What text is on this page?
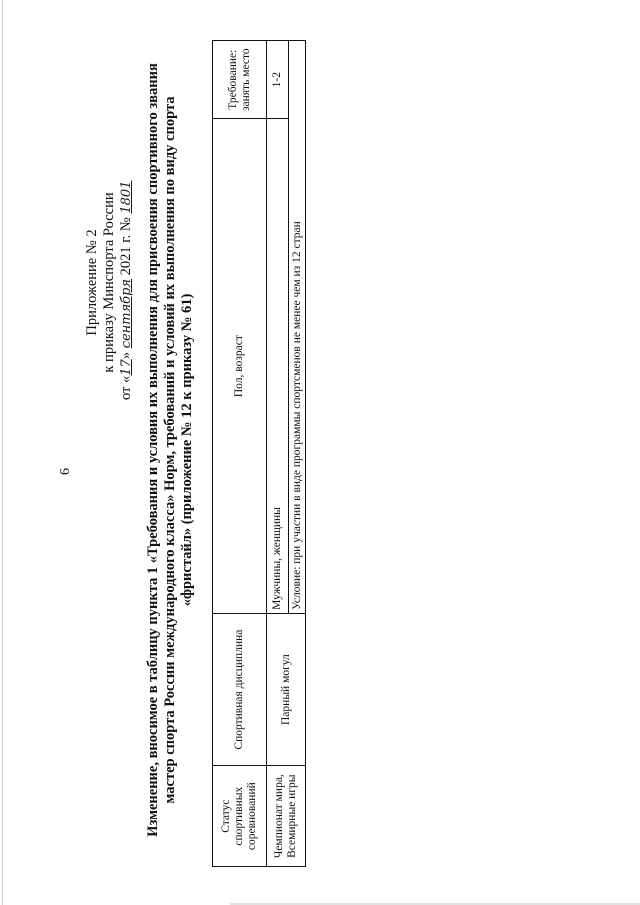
6
Приложение № 2 к приказу Минспорта России
от «17» сентября 2021 г. № 1801 Изменение, вносимое в таблицу пункта 1 «Требования и условия их выполнения для присвоения спортивного звания мастер спорта России международного класса» Норм, требований и условий их выполнения по виду спорта «фристайл» (приложение № 12 к приказу № 61)
Статус спортивных соревнований	Спортивная дисциплина	Пол, возраст	Требование: занять место
Чемпионат мира, Всемирные игры	Парный могул	Мужчины, женщины	1-2
		Условие: при участии в виде программы спортсменов не менее чем из 12 стран	
